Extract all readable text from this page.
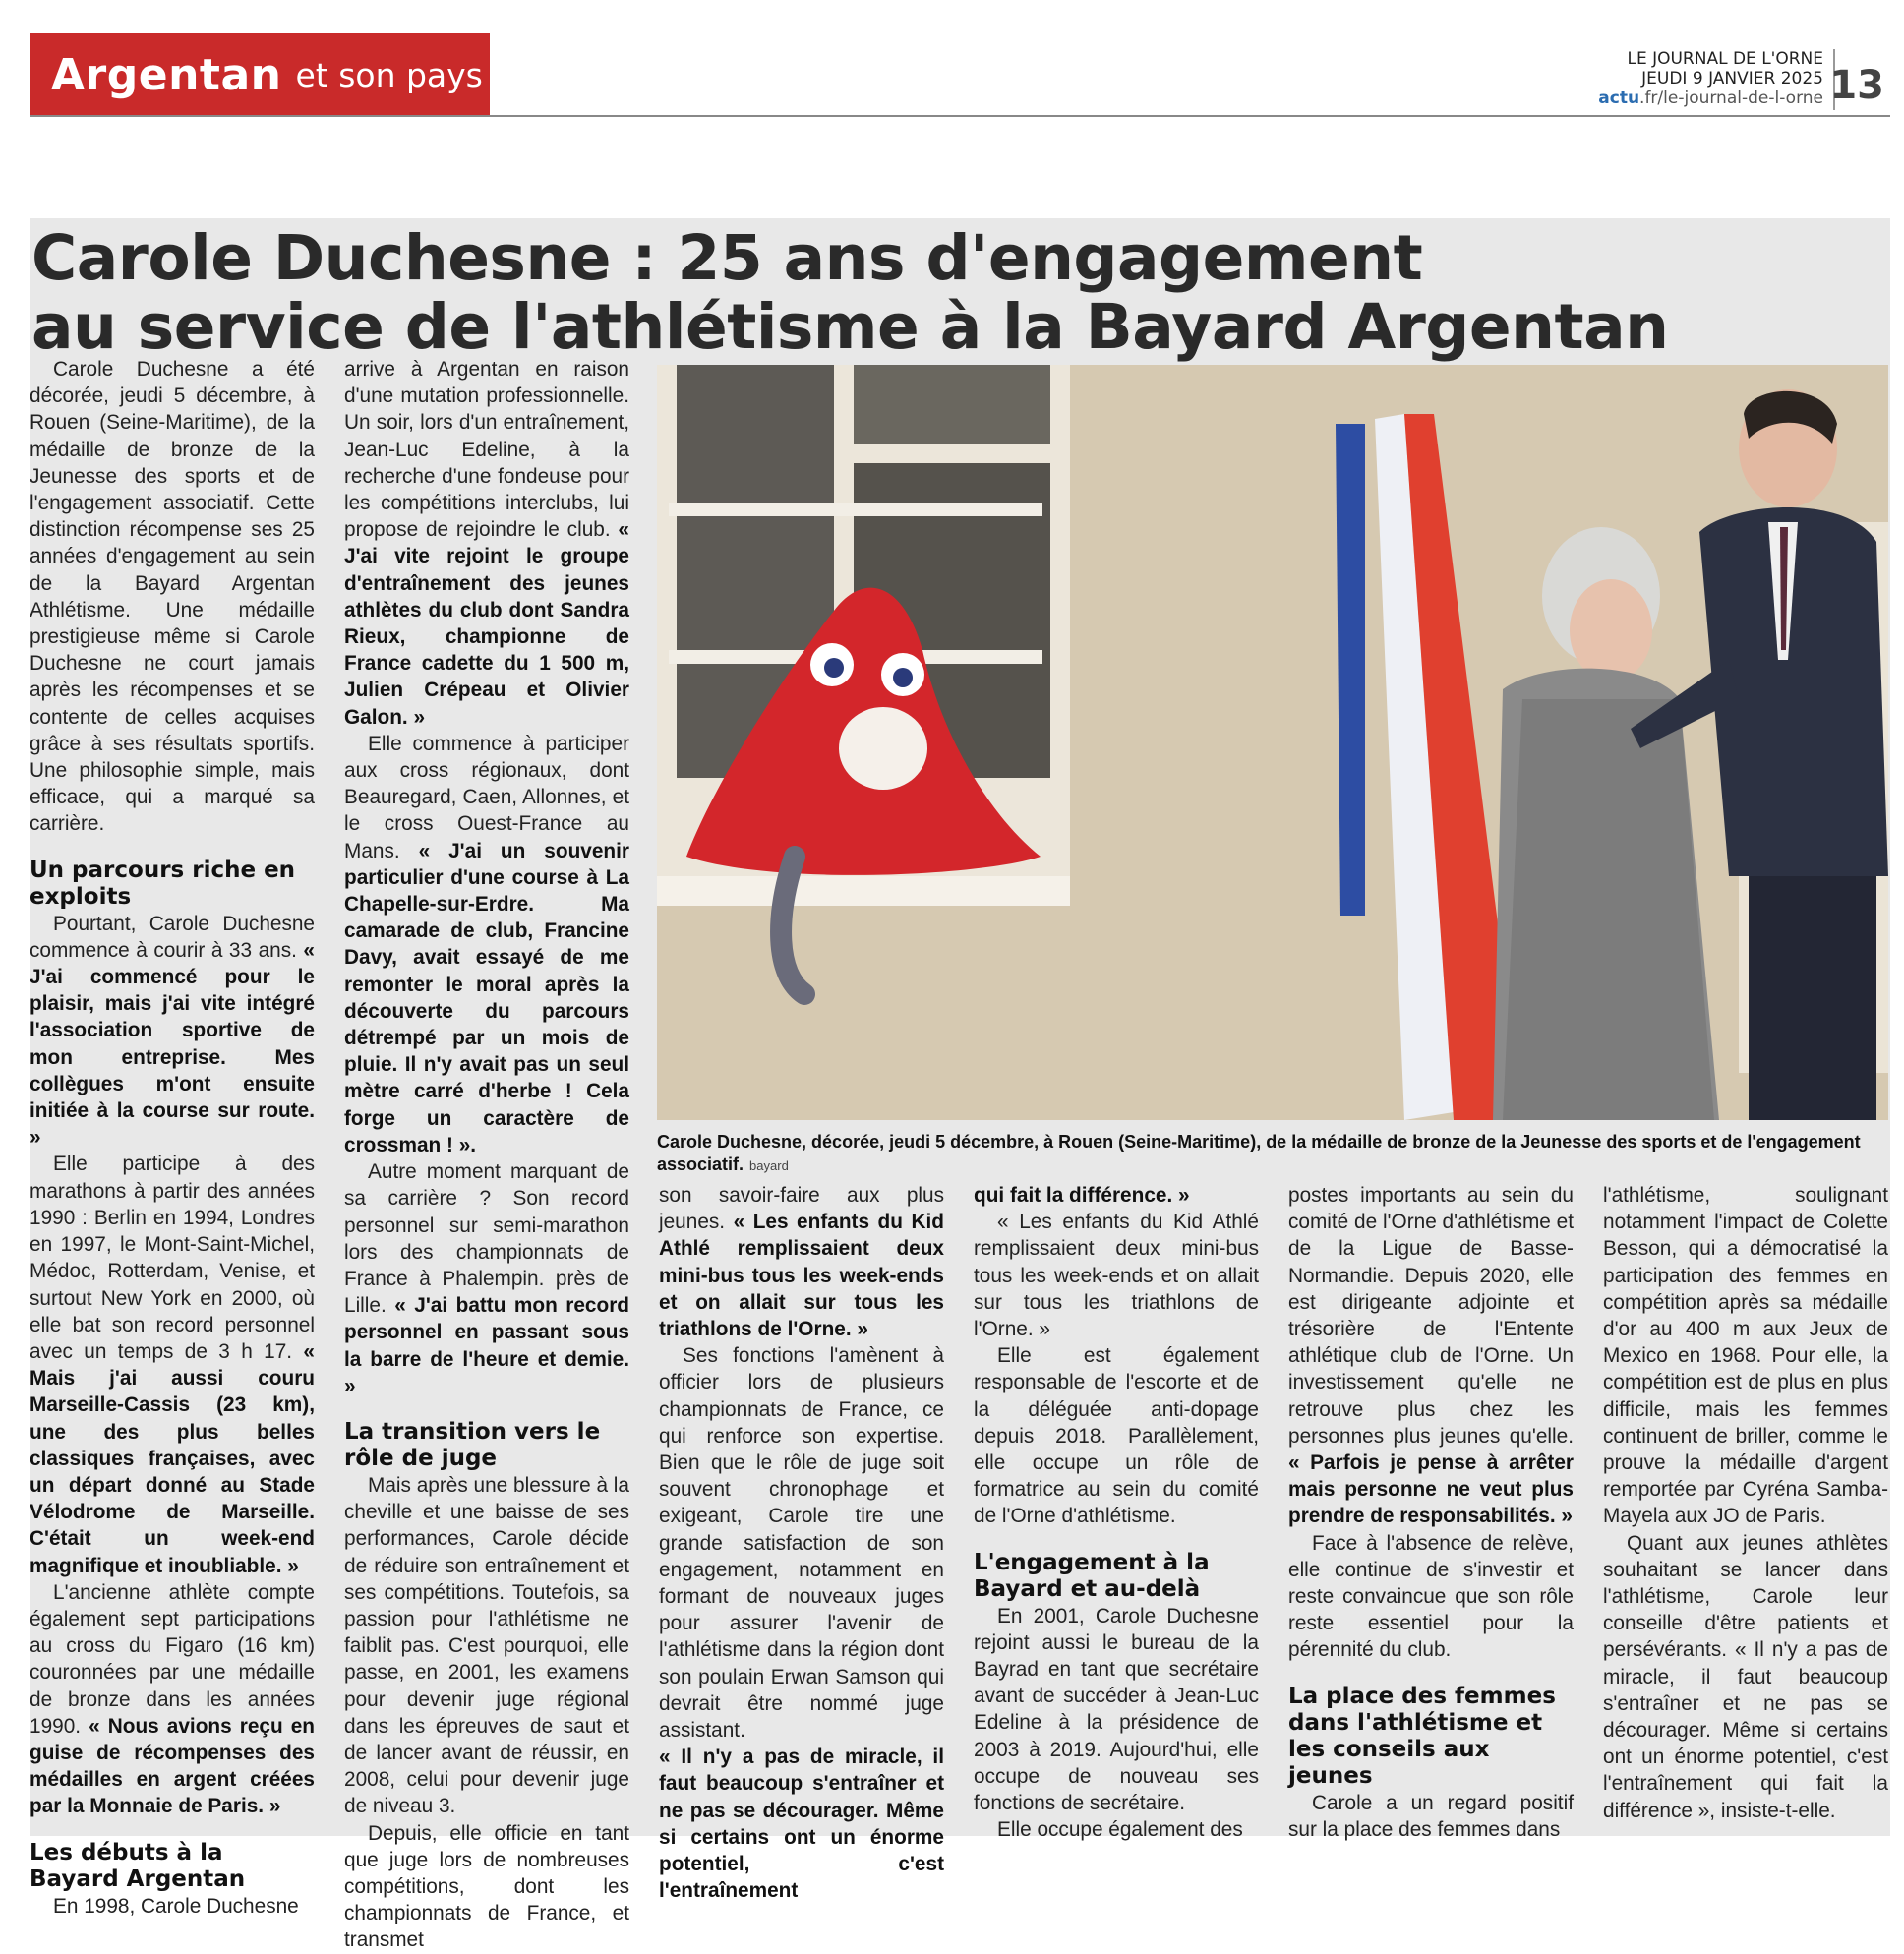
Argentan et son pays	LE JOURNAL DE L'ORNE
JEUDI 9 JANVIER 2025
actu.fr/le-journal-de-l-orne 13
Carole Duchesne : 25 ans d'engagement
au service de l'athlétisme à la Bayard Argentan

Carole Duchesne a été décorée, jeudi 5 décembre, à Rouen (Seine-Maritime), de la médaille de bronze de la Jeunesse des sports et de l'engagement associatif. Cette distinction récompense ses 25 années d'engagement au sein de la Bayard Argentan Athlétisme. Une médaille prestigieuse même si Carole Duchesne ne court jamais après les récompenses et se contente de celles acquises grâce à ses résultats sportifs. Une philosophie simple, mais efficace, qui a marqué sa carrière.

Un parcours riche en exploits

Pourtant, Carole Duchesne commence à courir à 33 ans. « J'ai commencé pour le plaisir, mais j'ai vite intégré l'association sportive de mon entreprise. Mes collègues m'ont ensuite initiée à la course sur route. »

Elle participe à des marathons à partir des années 1990 : Berlin en 1994, Londres en 1997, le Mont-Saint-Michel, Médoc, Rotterdam, Venise, et surtout New York en 2000, où elle bat son record personnel avec un temps de 3 h 17. « Mais j'ai aussi couru Marseille-Cassis (23 km), une des plus belles classiques françaises, avec un départ donné au Stade Vélodrome de Marseille. C'était un week-end magnifique et inoubliable. »

L'ancienne athlète compte également sept participations au cross du Figaro (16 km) couronnées par une médaille de bronze dans les années 1990. « Nous avions reçu en guise de récompenses des médailles en argent créées par la Monnaie de Paris. »

Les débuts à la Bayard Argentan

En 1998, Carole Duchesne

arrive à Argentan en raison d'une mutation professionnelle. Un soir, lors d'un entraînement, Jean-Luc Edeline, à la recherche d'une fondeuse pour les compétitions interclubs, lui propose de rejoindre le club. « J'ai vite rejoint le groupe d'entraînement des jeunes athlètes du club dont Sandra Rieux, championne de France cadette du 1 500 m, Julien Crépeau et Olivier Galon. »

Elle commence à participer aux cross régionaux, dont Beauregard, Caen, Allonnes, et le cross Ouest-France au Mans. « J'ai un souvenir particulier d'une course à La Chapelle-sur-Erdre. Ma camarade de club, Francine Davy, avait essayé de me remonter le moral après la découverte du parcours détrempé par un mois de pluie. Il n'y avait pas un seul mètre carré d'herbe ! Cela forge un caractère de crossman ! ».

Autre moment marquant de sa carrière ? Son record personnel sur semi-marathon lors des championnats de France à Phalempin. près de Lille. « J'ai battu mon record personnel en passant sous la barre de l'heure et demie. »

La transition vers le rôle de juge

Mais après une blessure à la cheville et une baisse de ses performances, Carole décide de réduire son entraînement et ses compétitions. Toutefois, sa passion pour l'athlétisme ne faiblit pas. C'est pourquoi, elle passe, en 2001, les examens pour devenir juge régional dans les épreuves de saut et de lancer avant de réussir, en 2008, celui pour devenir juge de niveau 3.

Depuis, elle officie en tant que juge lors de nombreuses compétitions, dont les championnats de France, et transmet

Carole Duchesne, décorée, jeudi 5 décembre, à Rouen (Seine-Maritime), de la médaille de bronze de la Jeunesse des sports et de l'engagement associatif. bayard

son savoir-faire aux plus jeunes. « Les enfants du Kid Athlé remplissaient deux mini-bus tous les week-ends et on allait sur tous les triathlons de l'Orne. »

Ses fonctions l'amènent à officier lors de plusieurs championnats de France, ce qui renforce son expertise. Bien que le rôle de juge soit souvent chronophage et exigeant, Carole tire une grande satisfaction de son engagement, notamment en formant de nouveaux juges pour assurer l'avenir de l'athlétisme dans la région dont son poulain Erwan Samson qui devrait être nommé juge assistant.

« Il n'y a pas de miracle, il faut beaucoup s'entraîner et ne pas se décourager. Même si certains ont un énorme potentiel, c'est l'entraînement

qui fait la différence. »

« Les enfants du Kid Athlé remplissaient deux mini-bus tous les week-ends et on allait sur tous les triathlons de l'Orne. »

Elle est également responsable de l'escorte et de la déléguée anti-dopage depuis 2018. Parallèlement, elle occupe un rôle de formatrice au sein du comité de l'Orne d'athlétisme.

L'engagement à la Bayard et au-delà

En 2001, Carole Duchesne rejoint aussi le bureau de la Bayrad en tant que secrétaire avant de succéder à Jean-Luc Edeline à la présidence de 2003 à 2019. Aujourd'hui, elle occupe de nouveau ses fonctions de secrétaire.

Elle occupe également des

postes importants au sein du comité de l'Orne d'athlétisme et de la Ligue de Basse-Normandie. Depuis 2020, elle est dirigeante adjointe et trésorière de l'Entente athlétique club de l'Orne. Un investissement qu'elle ne retrouve plus chez les personnes plus jeunes qu'elle. « Parfois je pense à arrêter mais personne ne veut plus prendre de responsabilités. »

Face à l'absence de relève, elle continue de s'investir et reste convaincue que son rôle reste essentiel pour la pérennité du club.

La place des femmes dans l'athlétisme et les conseils aux jeunes

Carole a un regard positif sur la place des femmes dans

l'athlétisme, soulignant notamment l'impact de Colette Besson, qui a démocratisé la participation des femmes en compétition après sa médaille d'or au 400 m aux Jeux de Mexico en 1968. Pour elle, la compétition est de plus en plus difficile, mais les femmes continuent de briller, comme le prouve la médaille d'argent remportée par Cyréna Samba-Mayela aux JO de Paris.

Quant aux jeunes athlètes souhaitant se lancer dans l'athlétisme, Carole leur conseille d'être patients et persévérants. « Il n'y a pas de miracle, il faut beaucoup s'entraîner et ne pas se décourager. Même si certains ont un énorme potentiel, c'est l'entraînement qui fait la différence », insiste-t-elle.
